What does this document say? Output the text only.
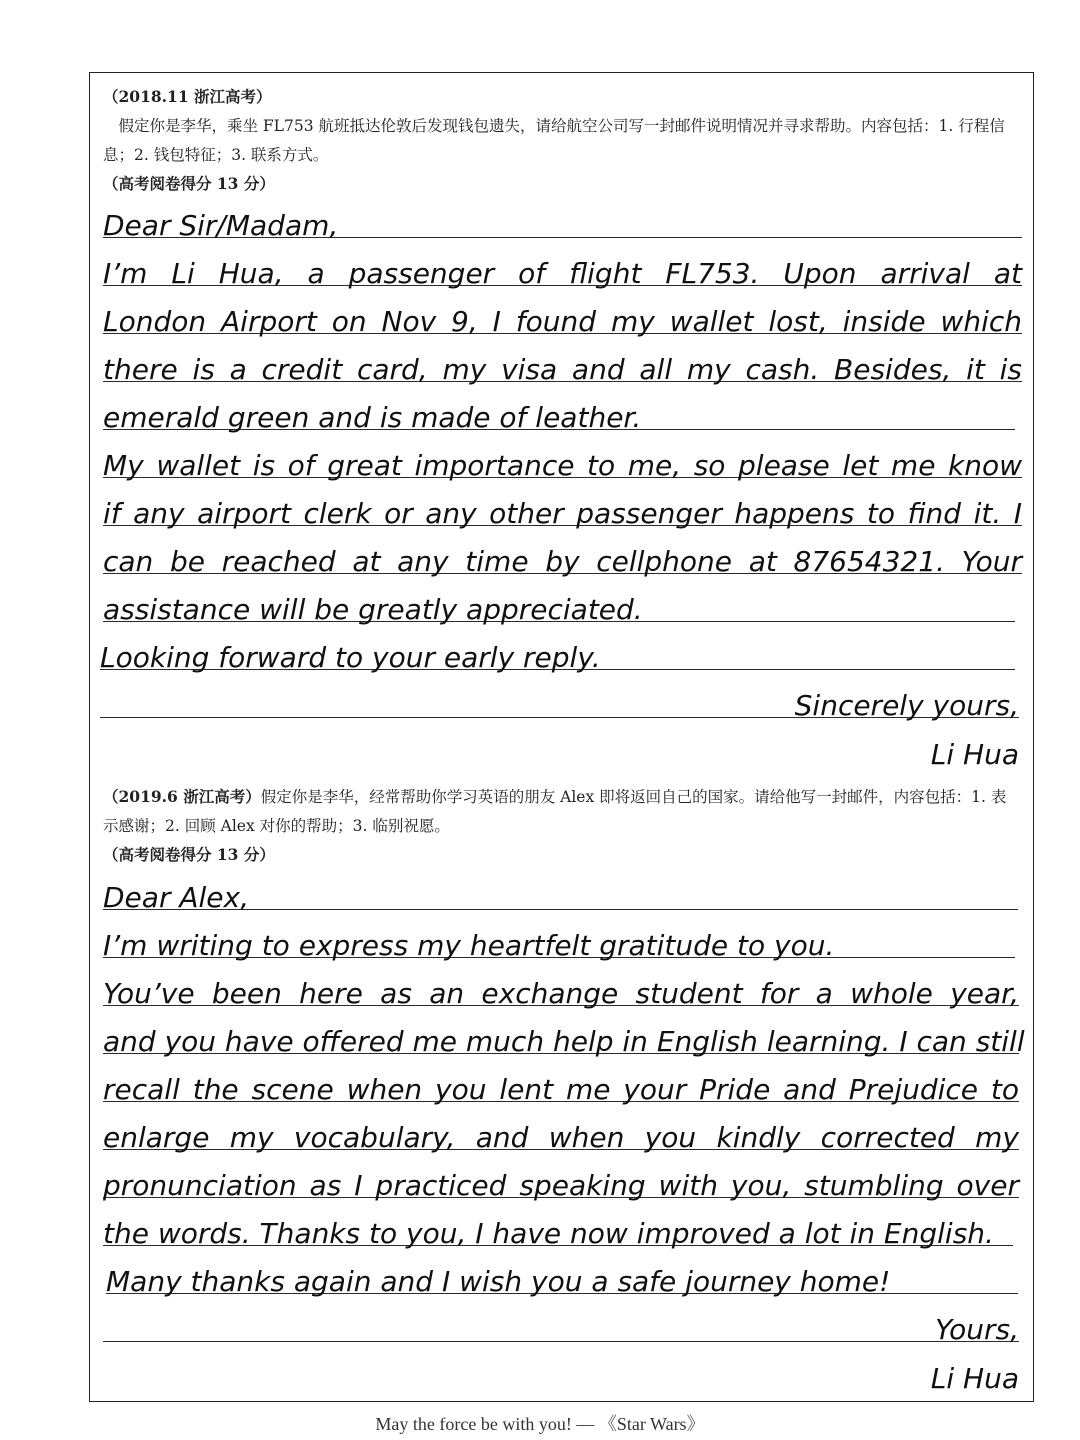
（2018.11 浙江高考）
　假定你是李华，乘坐 FL753 航班抵达伦敦后发现钱包遗失，请给航空公司写一封邮件说明情况并寻求帮助。内容包括：1. 行程信息；2. 钱包特征；3. 联系方式。
（高考阅卷得分 13 分）
Dear Sir/Madam,
I’m Li Hua, a passenger of flight FL753. Upon arrival at
London Airport on Nov 9, I found my wallet lost, inside which
there is a credit card, my visa and all my cash. Besides, it is
emerald green and is made of leather.
My wallet is of great importance to me, so please let me know
if any airport clerk or any other passenger happens to find it. I
can be reached at any time by cellphone at 87654321. Your
assistance will be greatly appreciated.
Looking forward to your early reply.
Sincerely yours,
Li Hua
（2019.6 浙江高考）假定你是李华，经常帮助你学习英语的朋友 Alex 即将返回自己的国家。请给他写一封邮件，内容包括：1. 表示感谢；2. 回顾 Alex 对你的帮助；3. 临别祝愿。
（高考阅卷得分 13 分）
Dear Alex,
I’m writing to express my heartfelt gratitude to you.
You’ve been here as an exchange student for a whole year,
and you have offered me much help in English learning. I can still
recall the scene when you lent me your Pride and Prejudice to
enlarge my vocabulary, and when you kindly corrected my
pronunciation as I practiced speaking with you, stumbling over
the words. Thanks to you, I have now improved a lot in English.
Many thanks again and I wish you a safe journey home!
Yours,
Li Hua
May the force be with you! — 《Star Wars》
